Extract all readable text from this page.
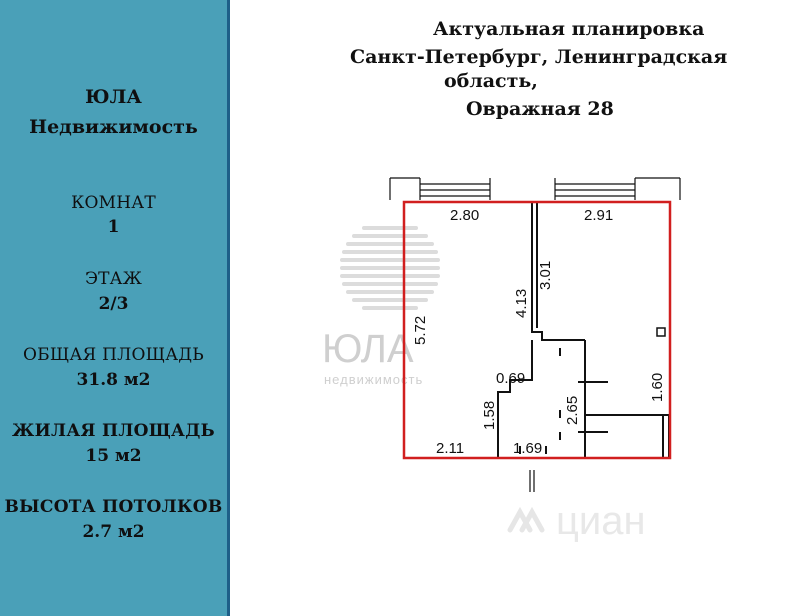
ЮЛА
Недвижимость
КОМНАТ
1
ЭТАЖ
2/3
ОБЩАЯ ПЛОЩАДЬ
31.8 м2
ЖИЛАЯ ПЛОЩАДЬ
15 м2
ВЫСОТА ПОТОЛКОВ
2.7 м2
Актуальная планировка
Санкт-Петербург, Ленинградская
область,
Овражная 28
ЮЛА
недвижимость
2.80	2.91
5.72
4.13
3.01
0.69
1.58	2.65
1.60
2.11	1.69
циан
